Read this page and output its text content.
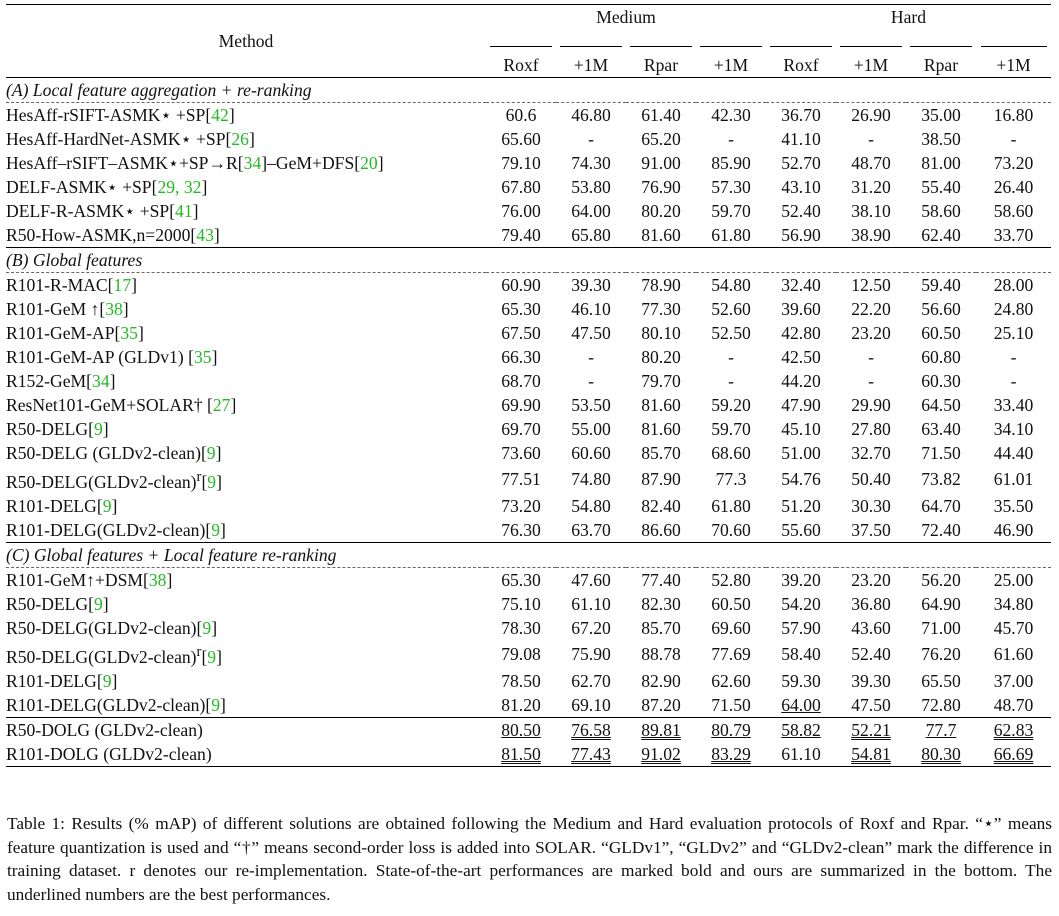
Method	Medium				Hard			

	Roxf	+1M	Rpar	+1M	Roxf	+1M	Rpar	+1M

(A) Local feature aggregation + re-ranking								
HesAff-rSIFT-ASMK⋆ +SP[42]	60.6	46.80	61.40	42.30	36.70	26.90	35.00	16.80
HesAff-HardNet-ASMK⋆ +SP[26]	65.60	-	65.20	-	41.10	-	38.50	-
HesAff–rSIFT–ASMK⋆+SP→R[34]–GeM+DFS[20]	79.10	74.30	91.00	85.90	52.70	48.70	81.00	73.20
DELF-ASMK⋆ +SP[29, 32]	67.80	53.80	76.90	57.30	43.10	31.20	55.40	26.40
DELF-R-ASMK⋆ +SP[41]	76.00	64.00	80.20	59.70	52.40	38.10	58.60	58.60
R50-How-ASMK,n=2000[43]	79.40	65.80	81.60	61.80	56.90	38.90	62.40	33.70
(B) Global features								
R101-R-MAC[17]	60.90	39.30	78.90	54.80	32.40	12.50	59.40	28.00
R101-GeM ↑[38]	65.30	46.10	77.30	52.60	39.60	22.20	56.60	24.80
R101-GeM-AP[35]	67.50	47.50	80.10	52.50	42.80	23.20	60.50	25.10
R101-GeM-AP (GLDv1) [35]	66.30	-	80.20	-	42.50	-	60.80	-
R152-GeM[34]	68.70	-	79.70	-	44.20	-	60.30	-
ResNet101-GeM+SOLAR† [27]	69.90	53.50	81.60	59.20	47.90	29.90	64.50	33.40
R50-DELG[9]	69.70	55.00	81.60	59.70	45.10	27.80	63.40	34.10
R50-DELG (GLDv2-clean)[9]	73.60	60.60	85.70	68.60	51.00	32.70	71.50	44.40
R50-DELG(GLDv2-clean)$^r$[9]	77.51	74.80	87.90	77.3	54.76	50.40	73.82	61.01
R101-DELG[9]	73.20	54.80	82.40	61.80	51.20	30.30	64.70	35.50
R101-DELG(GLDv2-clean)[9]	76.30	63.70	86.60	70.60	55.60	37.50	72.40	46.90
(C) Global features + Local feature re-ranking								
R101-GeM↑+DSM[38]	65.30	47.60	77.40	52.80	39.20	23.20	56.20	25.00
R50-DELG[9]	75.10	61.10	82.30	60.50	54.20	36.80	64.90	34.80
R50-DELG(GLDv2-clean)[9]	78.30	67.20	85.70	69.60	57.90	43.60	71.00	45.70
R50-DELG(GLDv2-clean)$^r$[9]	79.08	75.90	88.78	77.69	58.40	52.40	76.20	61.60
R101-DELG[9]	78.50	62.70	82.90	62.60	59.30	39.30	65.50	37.00
R101-DELG(GLDv2-clean)[9]	81.20	69.10	87.20	71.50	64.00	47.50	72.80	48.70
R50-DOLG (GLDv2-clean)	80.50	76.58	89.81	80.79	58.82	52.21	77.7	62.83
R101-DOLG (GLDv2-clean)	81.50	77.43	91.02	83.29	61.10	54.81	80.30	66.69
Table 1: Results (% mAP) of different solutions are obtained following the Medium and Hard evaluation protocols of Roxf and Rpar. “⋆” means feature quantization is used and “†” means second-order loss is added into SOLAR. “GLDv1”, “GLDv2” and “GLDv2-clean” mark the difference in training dataset. r denotes our re-implementation. State-of-the-art performances are marked bold and ours are summarized in the bottom. The underlined numbers are the best performances.
